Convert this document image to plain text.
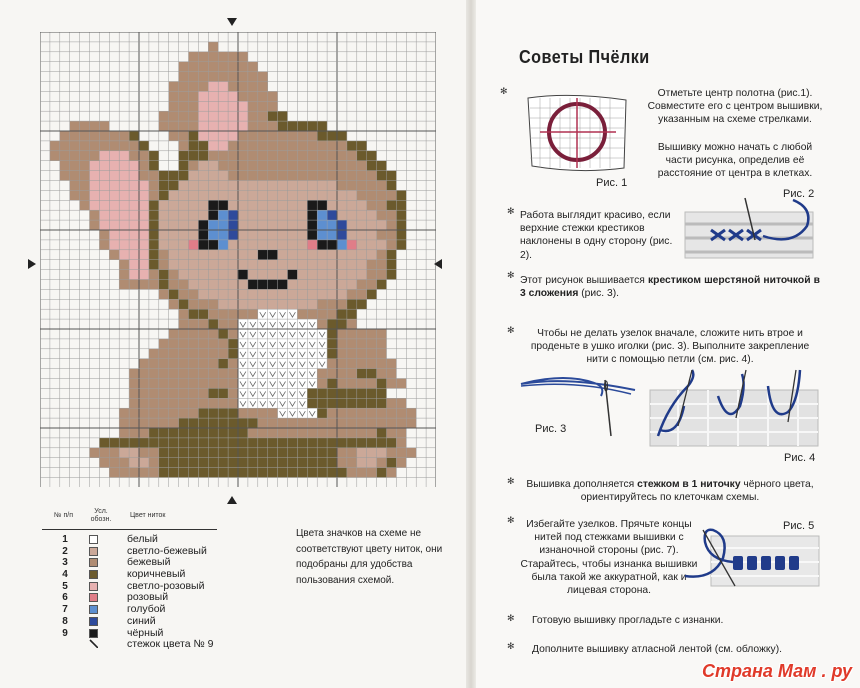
№ п/п
Усл. обозн.
Цвет ниток
1	белый
2	светло-бежевый
3	бежевый
4	коричневый
5	светло-розовый
6	розовый
7	голубой
8	синий
9	чёрный
стежок цвета № 9
Цвета значков на схеме не соответствуют цвету ниток, они подобраны для удобства пользования схемой.
Советы Пчёлки
✻	Отметьте центр полотна (рис.1). Совместите его с центром вышивки, указанным на схеме стрелками.
Вышивку можно начать с любой части рисунка, определив её расстояние от центра в клетках.
Рис. 1
✻ Работа выглядит красиво, если верхние стежки крестиков наклонены в одну сторону (рис. 2).
Рис. 2
✻ Этот рисунок вышивается крестиком шерстяной ниточкой в 3 сложения (рис. 3).
✻	Чтобы не делать узелок вначале, сложите нить втрое и проденьте в ушко иголки (рис. 3). Выполните закрепление нити с помощью петли (см. рис. 4).
Рис. 3
Рис. 4
✻	Вышивка дополняется стежком в 1 ниточку чёрного цвета, ориентируйтесь по клеточкам схемы.
✻	Избегайте узелков. Прячьте концы нитей под стежками вышивки с изнаночной стороны (рис. 7). Старайтесь, чтобы изнанка вышивки была такой же аккуратной, как и лицевая сторона.
Рис. 5
✻	Готовую вышивку прогладьте с изнанки.
✻	Дополните вышивку атласной лентой (см. обложку).
Страна Мам . ру
